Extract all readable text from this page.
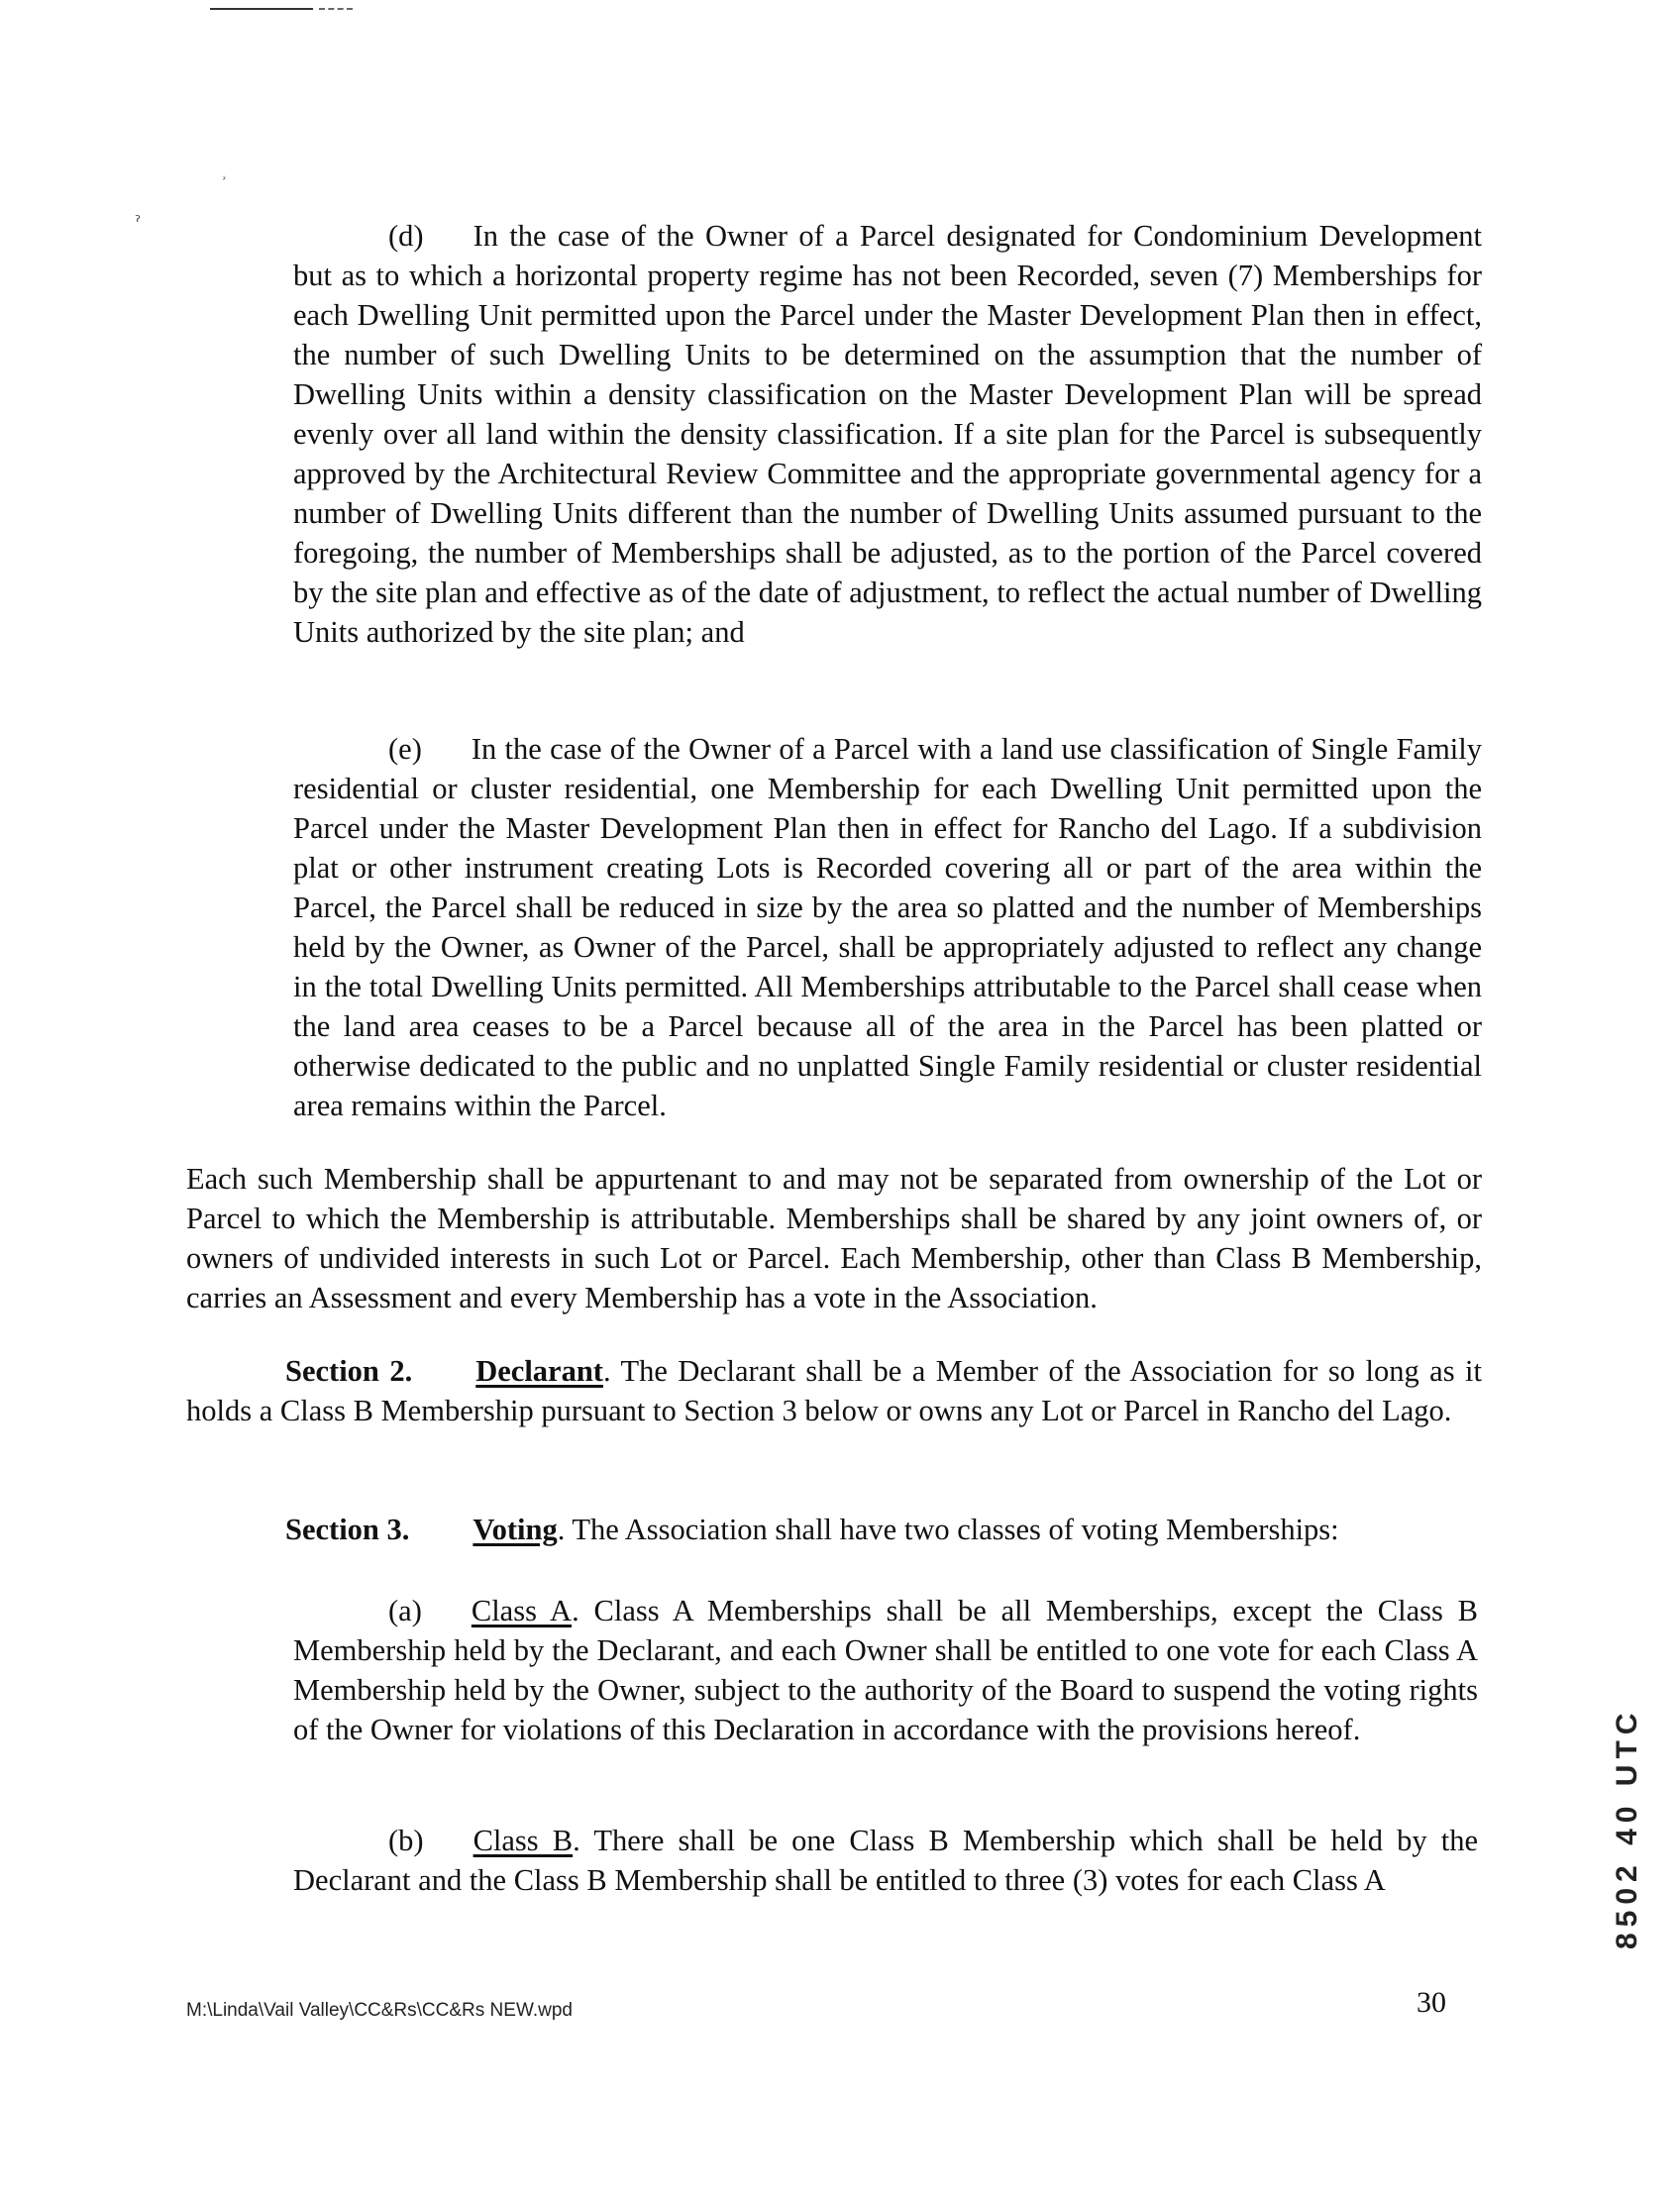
ۥ
ˀ	(d) In the case of the Owner of a Parcel designated for Condominium Development but as to which a horizontal property regime has not been Recorded, seven (7) Memberships for each Dwelling Unit permitted upon the Parcel under the Master Development Plan then in effect, the number of such Dwelling Units to be determined on the assumption that the number of Dwelling Units within a density classification on the Master Development Plan will be spread evenly over all land within the density classification. If a site plan for the Parcel is subsequently approved by the Architectural Review Committee and the appropriate governmental agency for a number of Dwelling Units different than the number of Dwelling Units assumed pursuant to the foregoing, the number of Memberships shall be adjusted, as to the portion of the Parcel covered by the site plan and effective as of the date of adjustment, to reflect the actual number of Dwelling Units authorized by the site plan; and

(e) In the case of the Owner of a Parcel with a land use classification of Single Family residential or cluster residential, one Membership for each Dwelling Unit permitted upon the Parcel under the Master Development Plan then in effect for Rancho del Lago. If a subdivision plat or other instrument creating Lots is Recorded covering all or part of the area within the Parcel, the Parcel shall be reduced in size by the area so platted and the number of Memberships held by the Owner, as Owner of the Parcel, shall be appropriately adjusted to reflect any change in the total Dwelling Units permitted. All Memberships attributable to the Parcel shall cease when the land area ceases to be a Parcel because all of the area in the Parcel has been platted or otherwise dedicated to the public and no unplatted Single Family residential or cluster residential area remains within the Parcel.

Each such Membership shall be appurtenant to and may not be separated from ownership of the Lot or Parcel to which the Membership is attributable. Memberships shall be shared by any joint owners of, or owners of undivided interests in such Lot or Parcel. Each Membership, other than Class B Membership, carries an Assessment and every Membership has a vote in the Association.

Section 2. Declarant. The Declarant shall be a Member of the Association for so long as it holds a Class B Membership pursuant to Section 3 below or owns any Lot or Parcel in Rancho del Lago.

Section 3. Voting. The Association shall have two classes of voting Memberships:

(a) Class A. Class A Memberships shall be all Memberships, except the Class B Membership held by the Declarant, and each Owner shall be entitled to one vote for each Class A Membership held by the Owner, subject to the authority of the Board to suspend the voting rights of the Owner for violations of this Declaration in accordance with the provisions hereof.

(b) Class B. There shall be one Class B Membership which shall be held by the Declarant and the Class B Membership shall be entitled to three (3) votes for each Class A

M:\Linda\Vail Valley\CC&Rs\CC&Rs NEW.wpd	30
8502 40 UTC
